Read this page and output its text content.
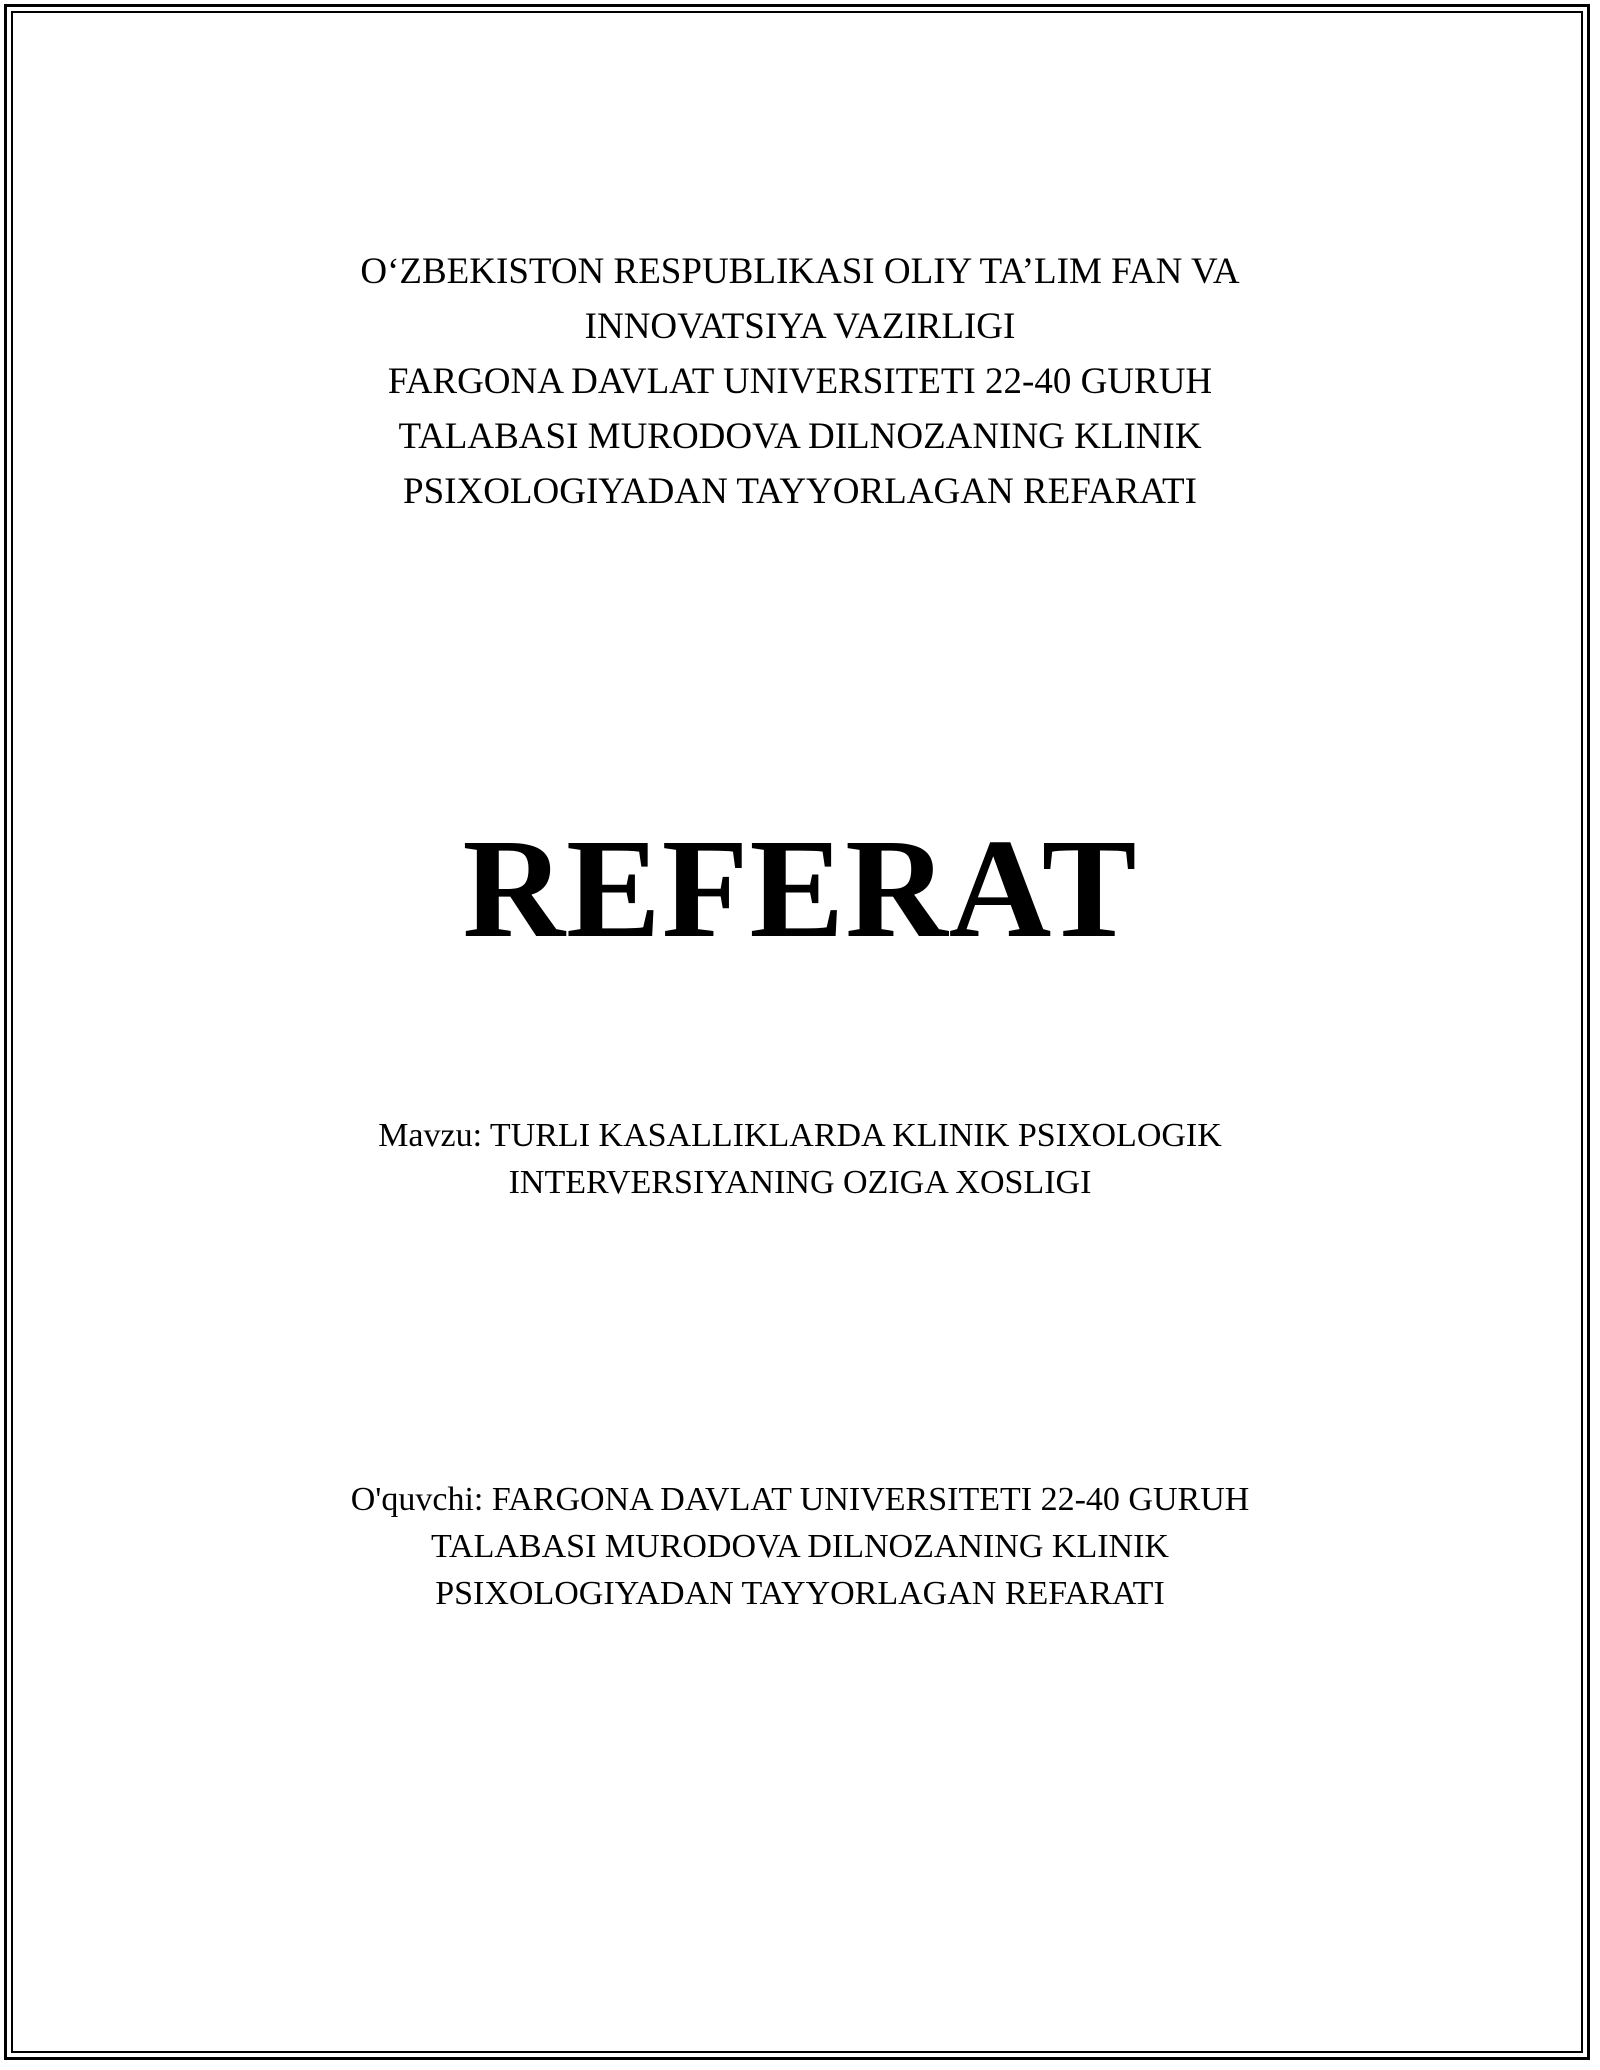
O‘ZBEKISTON RESPUBLIKASI OLIY TA’LIM FAN VA
INNOVATSIYA VAZIRLIGI
FARGONA DAVLAT UNIVERSITETI 22-40 GURUH
TALABASI MURODOVA DILNOZANING KLINIK
PSIXOLOGIYADAN TAYYORLAGAN REFARATI
REFERAT
Mavzu: TURLI KASALLIKLARDA KLINIK PSIXOLOGIK
INTERVERSIYANING OZIGA XOSLIGI
O'quvchi: FARGONA DAVLAT UNIVERSITETI 22-40 GURUH
TALABASI MURODOVA DILNOZANING KLINIK
PSIXOLOGIYADAN TAYYORLAGAN REFARATI
